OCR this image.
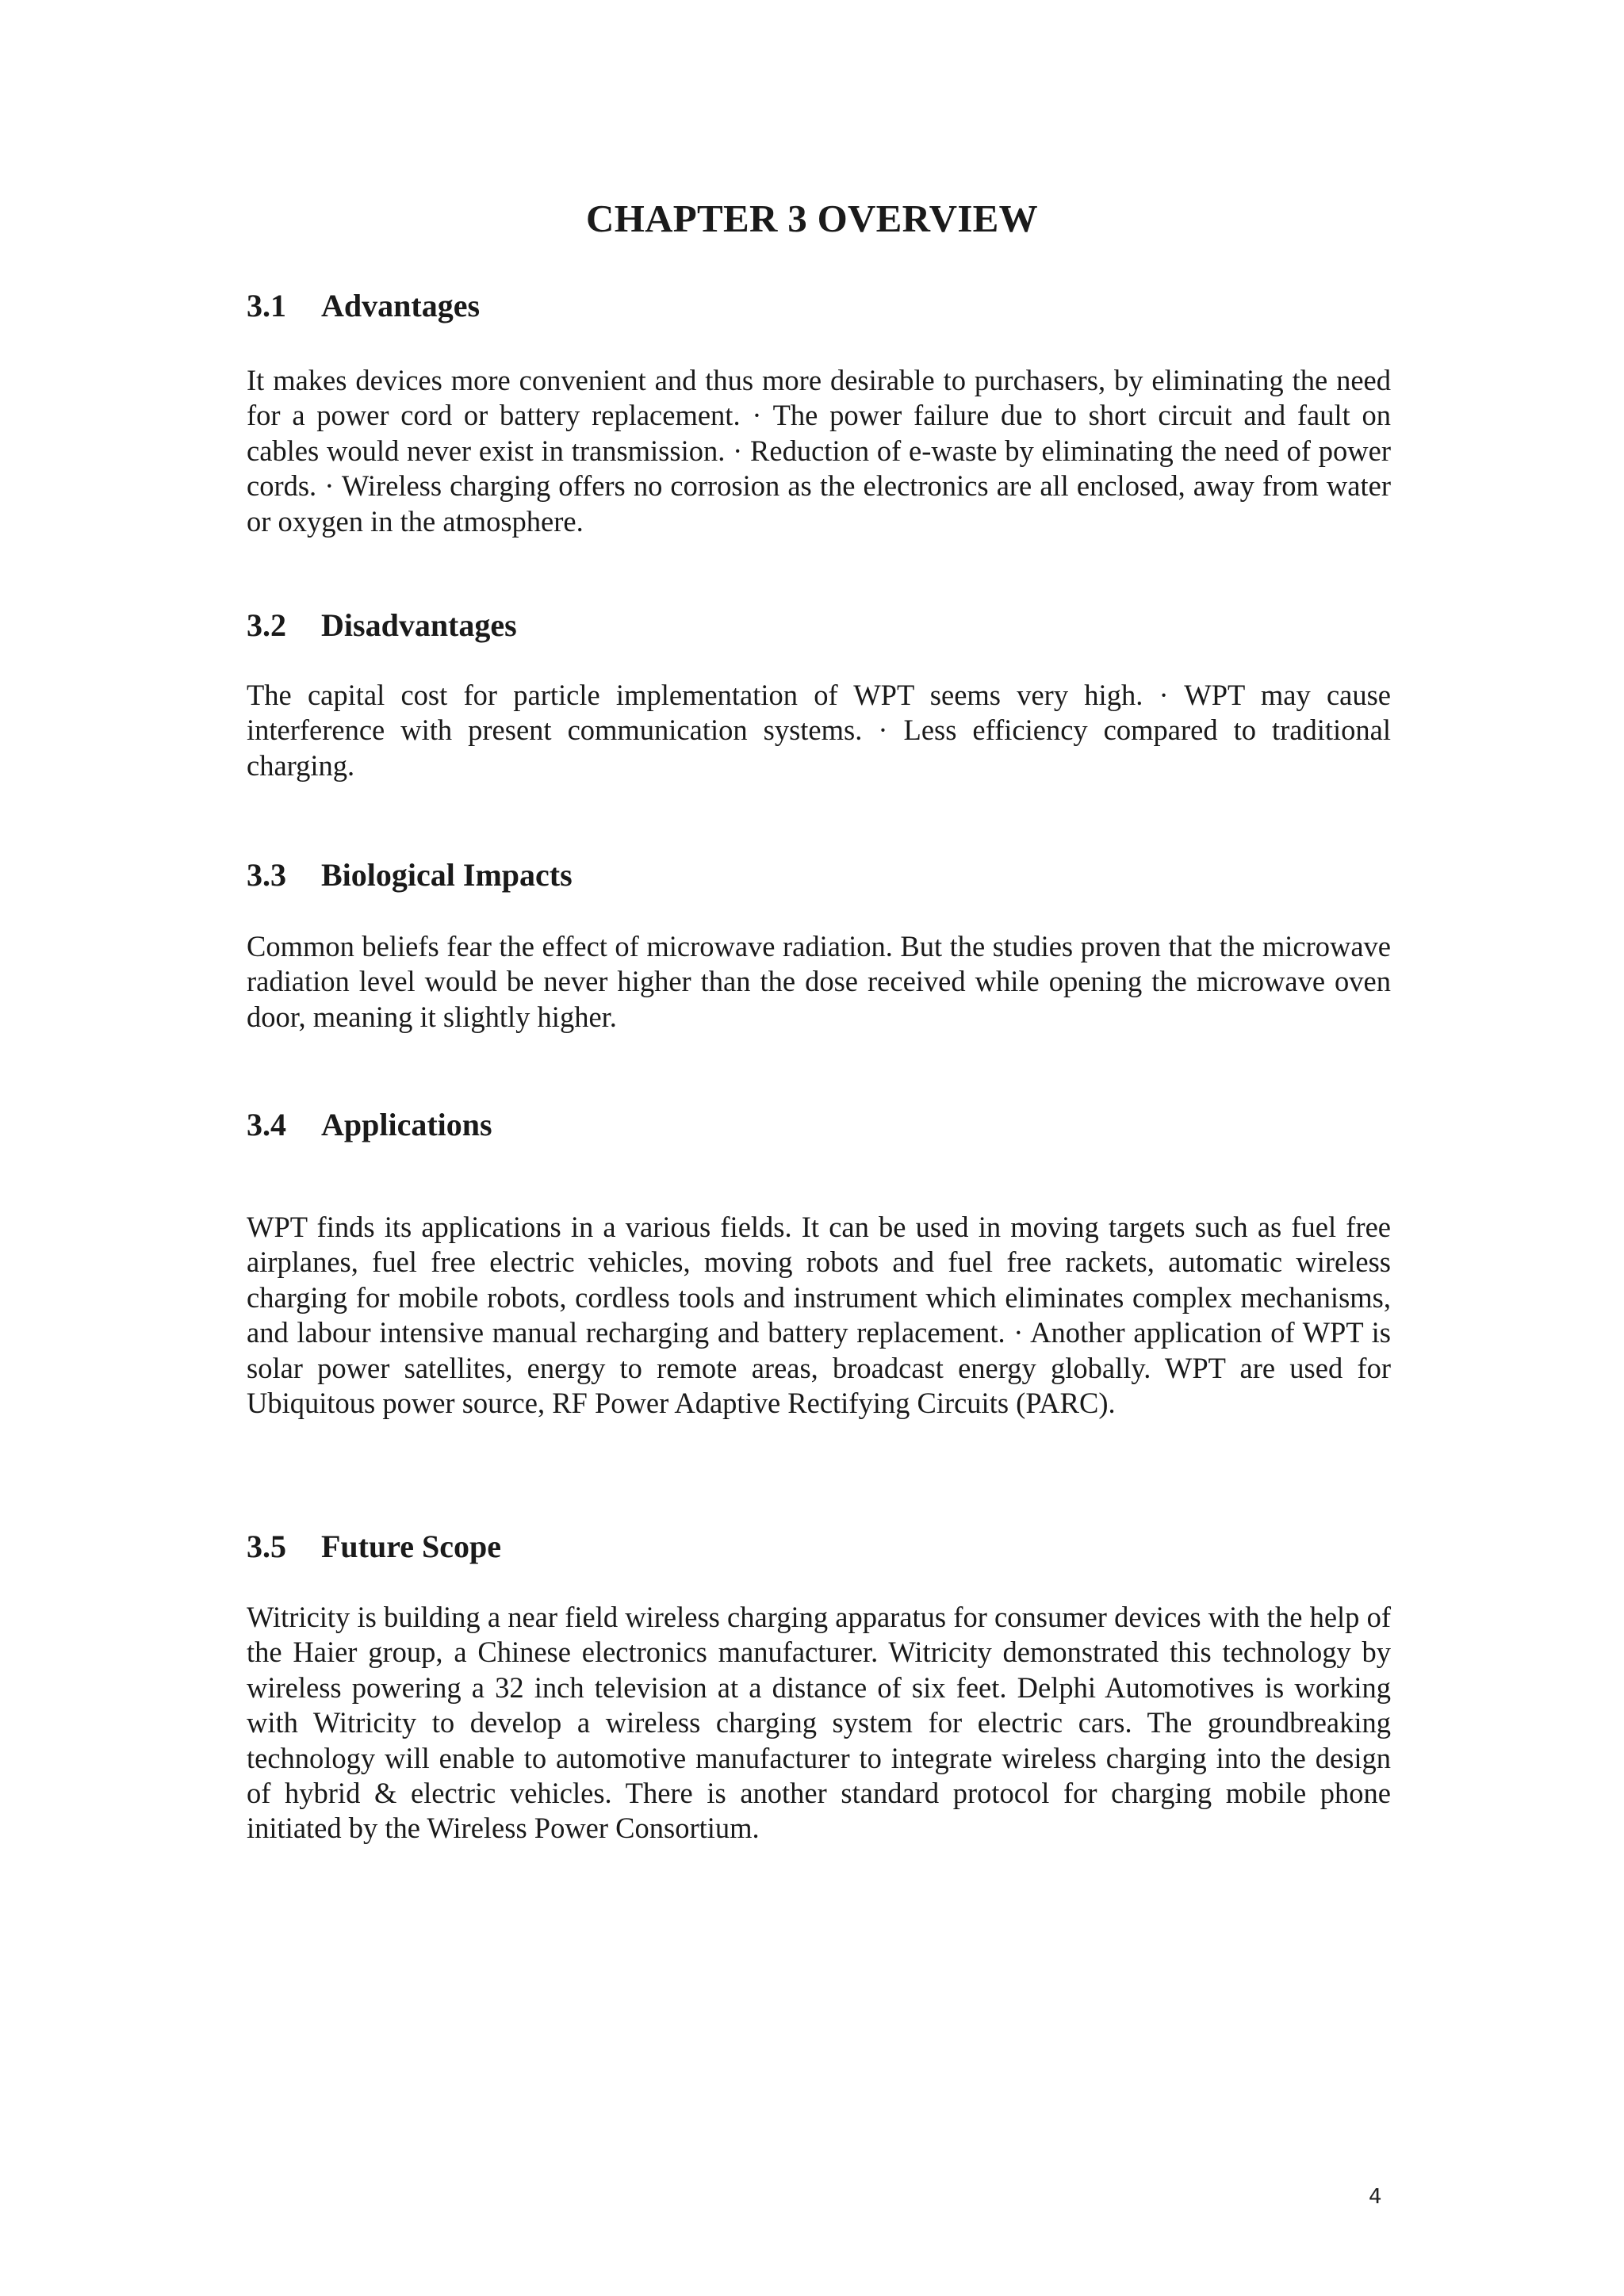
CHAPTER 3 OVERVIEW
3.1 Advantages

It makes devices more convenient and thus more desirable to purchasers, by eliminating the need for a power cord or battery replacement. · The power failure due to short circuit and fault on cables would never exist in transmission. · Reduction of e-waste by eliminating the need of power cords. · Wireless charging offers no corrosion as the electronics are all enclosed, away from water or oxygen in the atmosphere.

3.2 Disadvantages

The capital cost for particle implementation of WPT seems very high. · WPT may cause interference with present communication systems. · Less efficiency compared to traditional charging.

3.3 Biological Impacts

Common beliefs fear the effect of microwave radiation. But the studies proven that the microwave radiation level would be never higher than the dose received while opening the microwave oven door, meaning it slightly higher.

3.4 Applications

WPT finds its applications in a various fields. It can be used in moving targets such as fuel free airplanes, fuel free electric vehicles, moving robots and fuel free rackets, automatic wireless charging for mobile robots, cordless tools and instrument which eliminates complex mechanisms, and labour intensive manual recharging and battery replacement. · Another application of WPT is solar power satellites, energy to remote areas, broadcast energy globally. WPT are used for Ubiquitous power source, RF Power Adaptive Rectifying Circuits (PARC).

3.5 Future Scope

Witricity is building a near field wireless charging apparatus for consumer devices with the help of the Haier group, a Chinese electronics manufacturer. Witricity demonstrated this technology by wireless powering a 32 inch television at a distance of six feet. Delphi Automotives is working with Witricity to develop a wireless charging system for electric cars. The groundbreaking technology will enable to automotive manufacturer to integrate wireless charging into the design of hybrid & electric vehicles. There is another standard protocol for charging mobile phone initiated by the Wireless Power Consortium.

4
